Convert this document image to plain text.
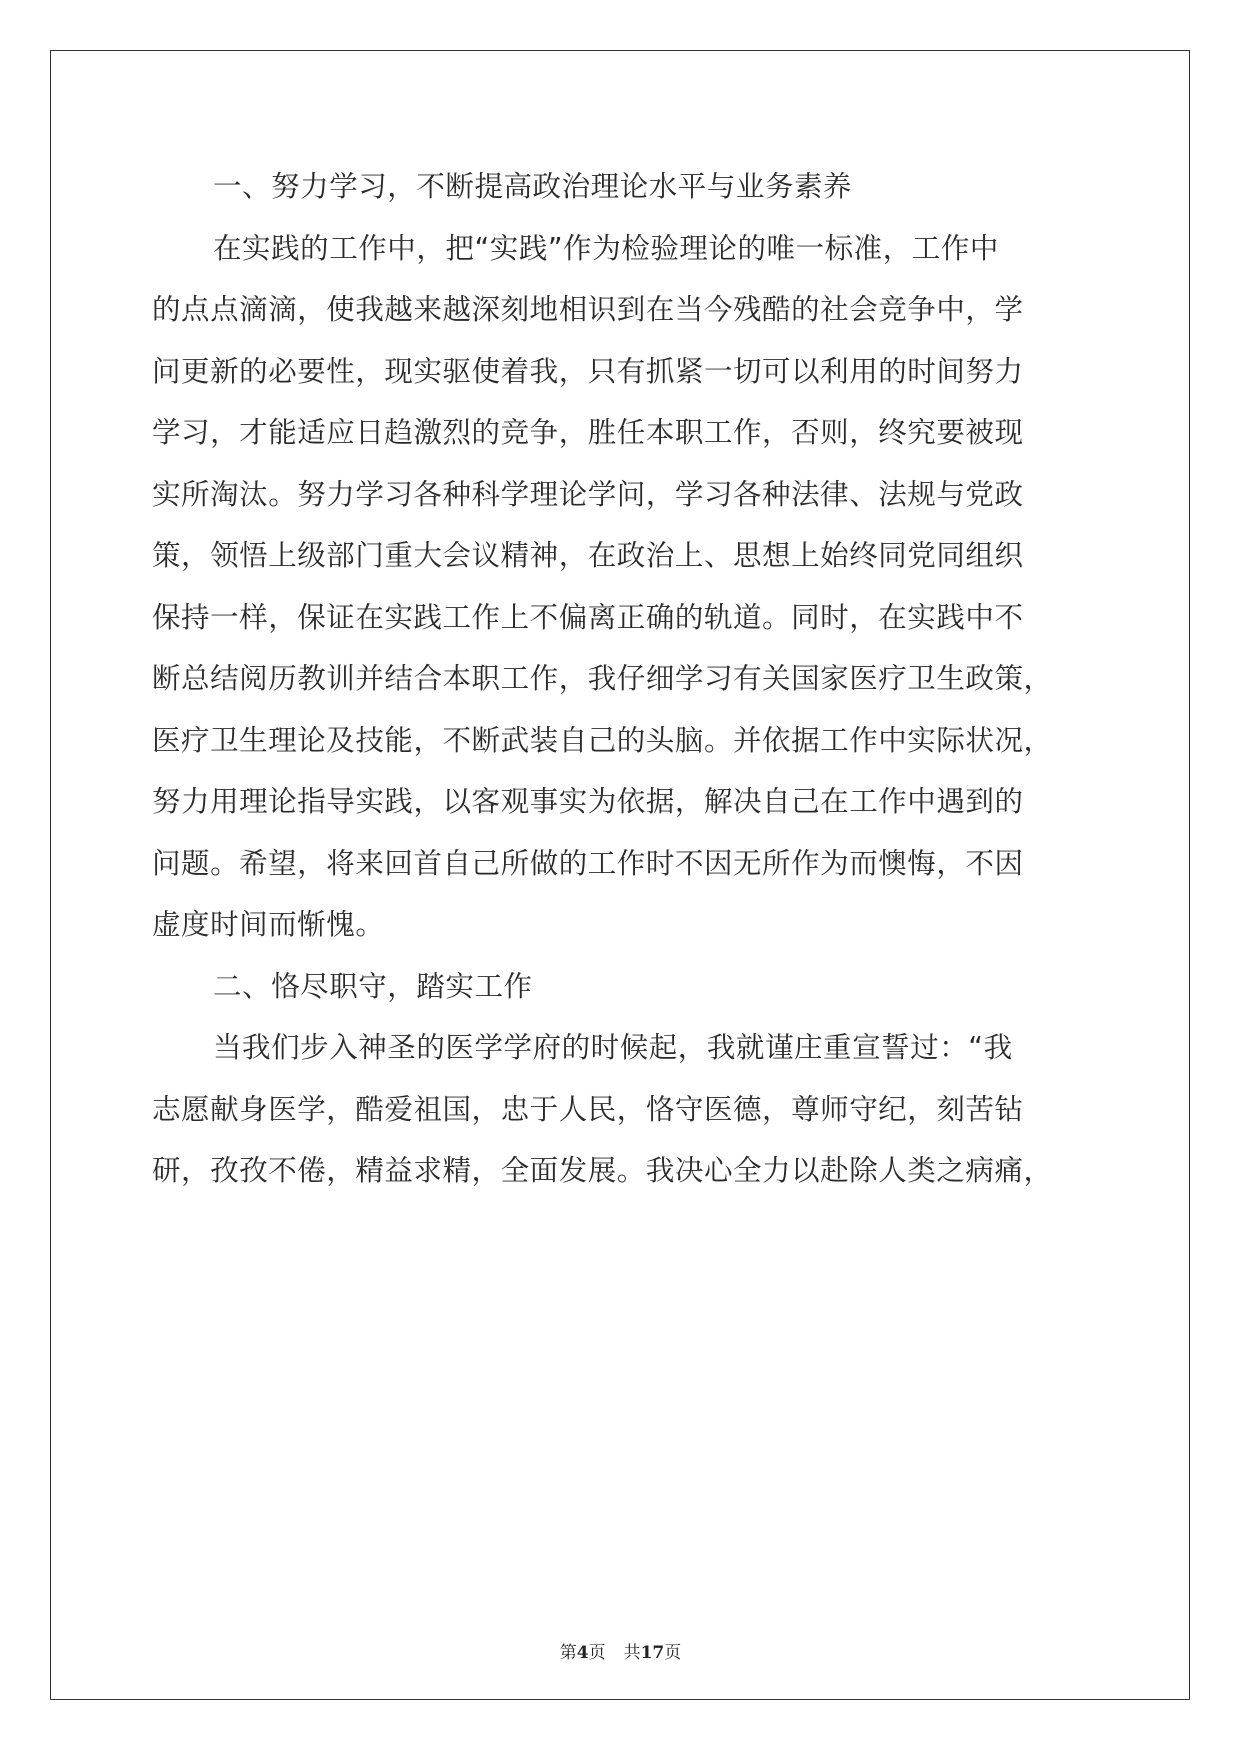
一、努力学习，不断提高政治理论水平与业务素养
在实践的工作中，把“实践”作为检验理论的唯一标准，工作中
的点点滴滴，使我越来越深刻地相识到在当今残酷的社会竞争中，学
问更新的必要性，现实驱使着我，只有抓紧一切可以利用的时间努力
学习，才能适应日趋激烈的竞争，胜任本职工作，否则，终究要被现
实所淘汰。努力学习各种科学理论学问，学习各种法律、法规与党政
策，领悟上级部门重大会议精神，在政治上、思想上始终同党同组织
保持一样，保证在实践工作上不偏离正确的轨道。同时，在实践中不
断总结阅历教训并结合本职工作，我仔细学习有关国家医疗卫生政策，
医疗卫生理论及技能，不断武装自己的头脑。并依据工作中实际状况，
努力用理论指导实践，以客观事实为依据，解决自己在工作中遇到的
问题。希望，将来回首自己所做的工作时不因无所作为而懊悔，不因
虚度时间而惭愧。
二、恪尽职守，踏实工作
当我们步入神圣的医学学府的时候起，我就谨庄重宣誓过：“我
志愿献身医学，酷爱祖国，忠于人民，恪守医德，尊师守纪，刻苦钻
研，孜孜不倦，精益求精，全面发展。我决心全力以赴除人类之病痛，
第4页 共17页
